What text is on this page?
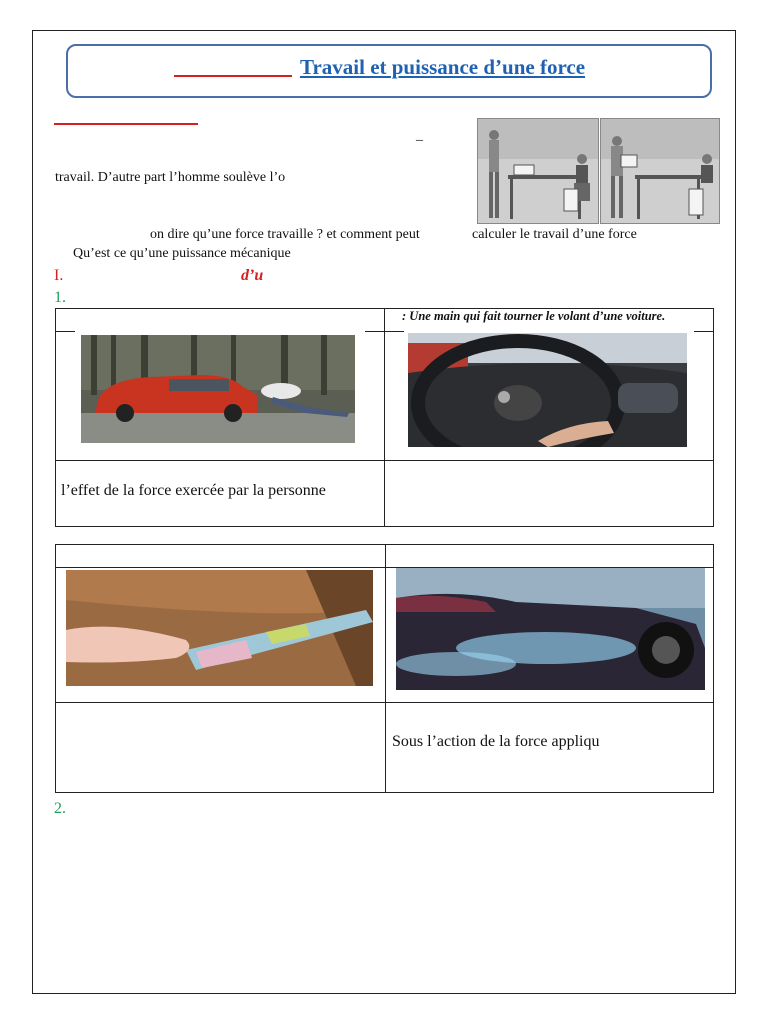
Travail et puissance d’une force
_
travail. D’autre part l’homme soulève l’o
on dire qu’une force travaille ? et comment peut	calculer le travail d’une force
Qu’est ce qu’une puissance mécanique
I.	d’u
1.
: Une main qui fait tourner le volant d’une voiture.
l’effet de la force exercée par la personne
Sous l’action de la force appliqu
2.
